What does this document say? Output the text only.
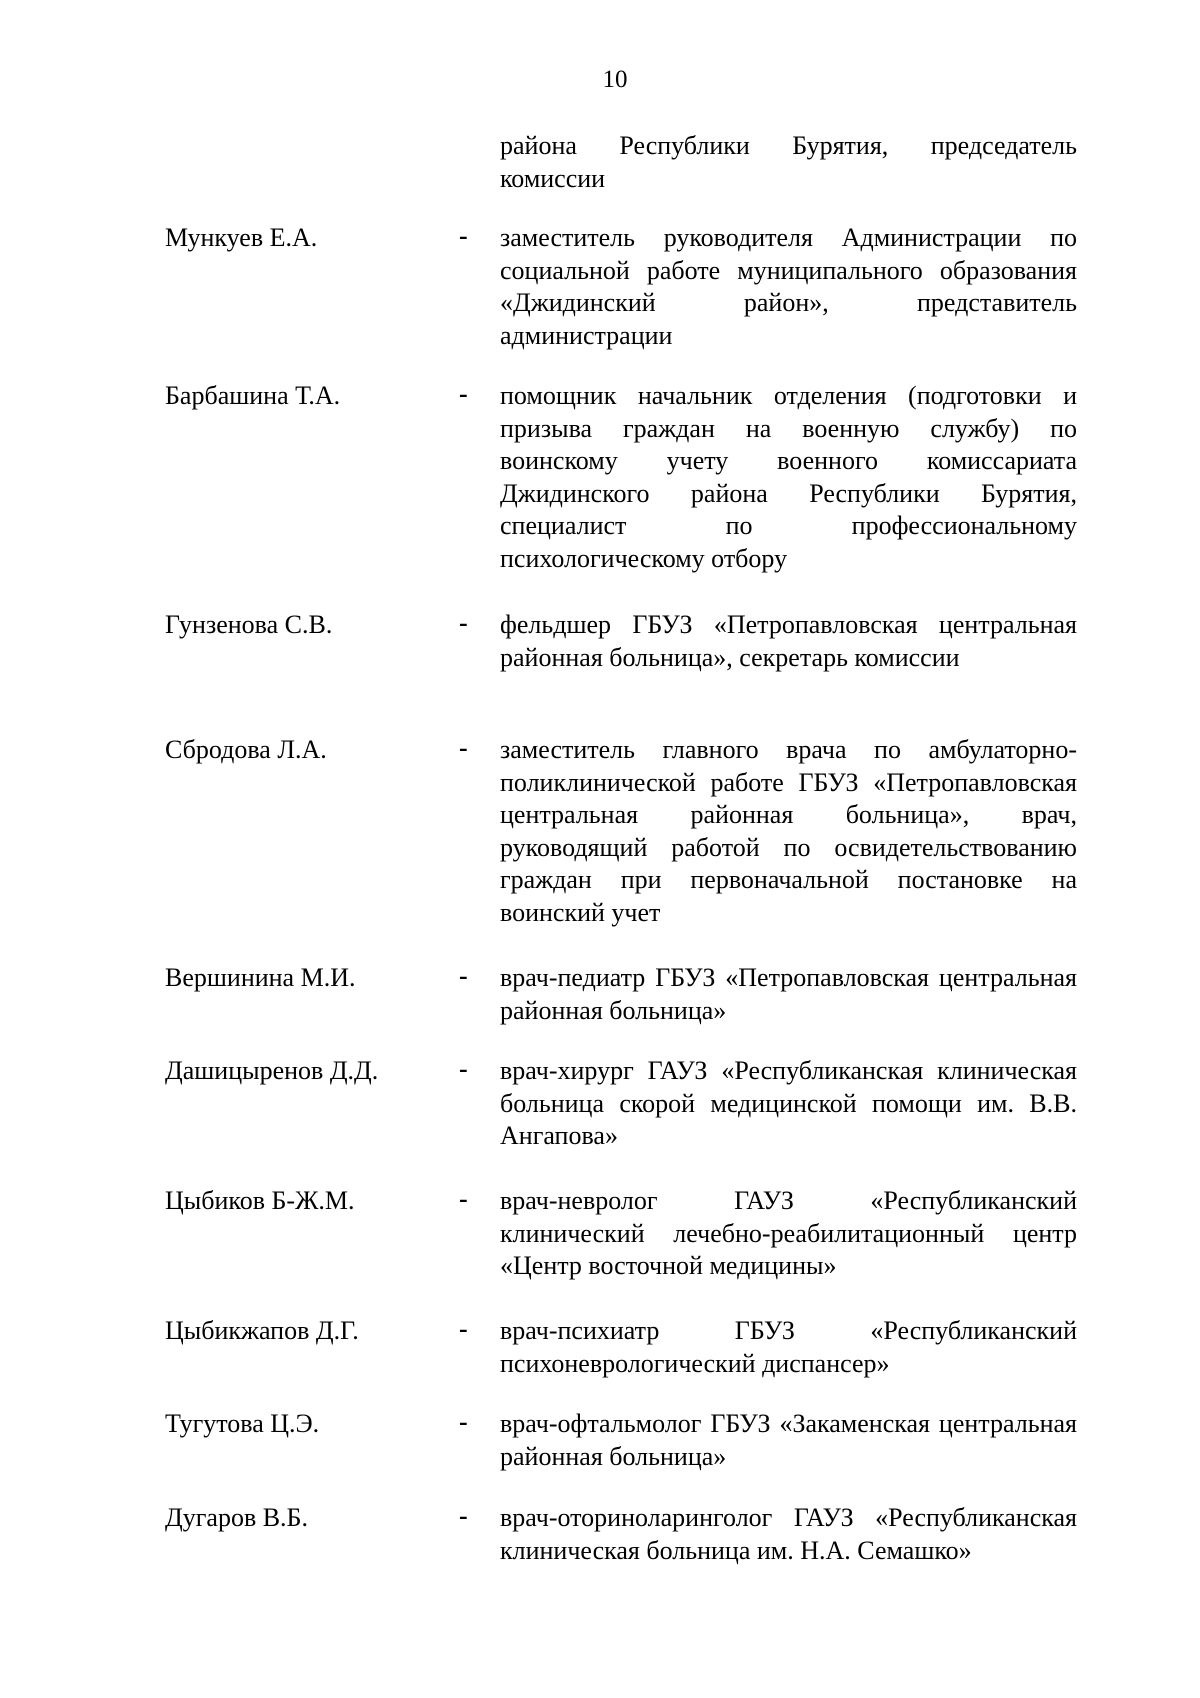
10
района Республики Бурятия, председатель комиссии
Мункуев Е.А.	- заместитель руководителя Администрации по социальной работе муниципального образования «Джидинский район», представитель администрации
Барбашина Т.А.	- помощник начальник отделения (подготовки и призыва граждан на военную службу) по воинскому учету военного комиссариата Джидинского района Республики Бурятия, специалист по профессиональному психологическому отбору
Гунзенова С.В.	- фельдшер ГБУЗ «Петропавловская центральная районная больница», секретарь комиссии
Сбродова Л.А.	- заместитель главного врача по амбулаторно-поликлинической работе ГБУЗ «Петропавловская центральная районная больница», врач, руководящий работой по освидетельствованию граждан при первоначальной постановке на воинский учет
Вершинина М.И.	- врач-педиатр ГБУЗ «Петропавловская центральная районная больница»
Дашицыренов Д.Д.	- врач-хирург ГАУЗ «Республиканская клиническая больница скорой медицинской помощи им. В.В. Ангапова»
Цыбиков Б-Ж.М.	- врач-невролог ГАУЗ «Республиканский клинический лечебно-реабилитационный центр «Центр восточной медицины»
Цыбикжапов Д.Г.	- врач-психиатр ГБУЗ «Республиканский психоневрологический диспансер»
Тугутова Ц.Э.	- врач-офтальмолог ГБУЗ «Закаменская центральная районная больница»
Дугаров В.Б.	- врач-оториноларинголог ГАУЗ «Республиканская клиническая больница им. Н.А. Семашко»
